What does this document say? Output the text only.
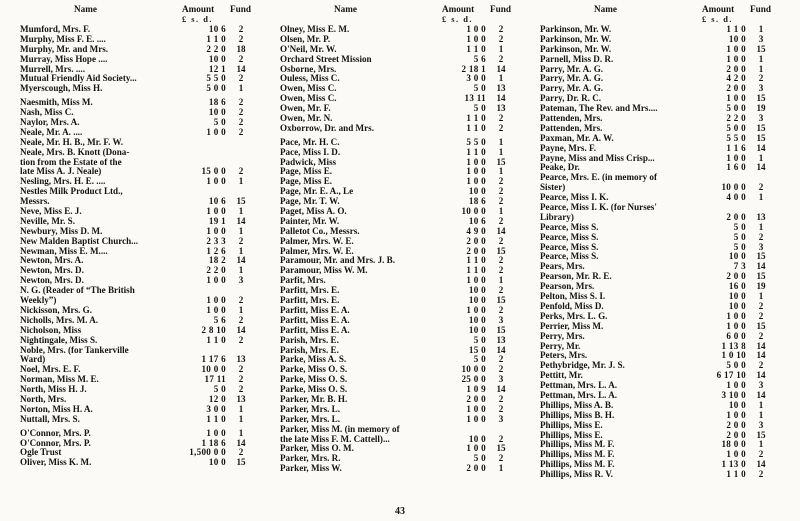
Name	Amount Fund
£ s. d.
Mumford, Mrs. F.	10 6	2
Murphy, Miss F. E. ....	1 1 0	2
Murphy, Mr. and Mrs.	2 2 0	18
Murray, Miss Hope ....	10 0	2
Murrell, Mrs. ....	12 1	14
Mutual Friendly Aid Society...	5 5 0	2
Myerscough, Miss H.	5 0 0	1
Naesmith, Miss M.	18 6	2
Nash, Miss C.	10 0	2
Naylor, Mrs. A.	5 0	2
Neale, Mr. A. ....	1 0 0	2
Neale, Mr. H. B., Mr. F. W.
Neale, Mrs. B. Knott (Dona-
tion from the Estate of the
late Miss A. J. Neale)	15 0 0	2
Nesling, Mrs. H. E. ....	1 0 0	1
Nestles Milk Product Ltd.,
Messrs.	10 6	15
Neve, Miss E. J.	1 0 0	1
Neville, Mr. S.	19 1	14
Newbury, Miss D. M.	1 0 0	1
New Malden Baptist Church...	2 3 3	2
Newman, Miss E. M....	1 2 6	1
Newton, Mrs. A.	18 2	14
Newton, Mrs. D.	2 2 0	1
Newton, Mrs. D.	1 0 0	3
N. G. (Reader of “The British
Weekly”)	1 0 0	2
Nickisson, Mrs. G.	1 0 0	1
Nicholls, Mrs. M. A.	5 6	2
Nicholson, Miss	2 8 10	14
Nightingale, Miss S.	1 1 0	2
Noble, Mrs. (for Tankerville
Ward)	1 17 6	13
Noel, Mrs. E. F.	10 0 0	2
Norman, Miss M. E.	17 11	2
North, Miss H. J.	5 0	2
North, Mrs.	12 0	13
Norton, Miss H. A.	3 0 0	1
Nuttall, Mrs. S.	1 1 0	1
O'Connor, Mrs. P.	1 0 0	1
O'Connor, Mrs. P.	1 18 6	14
Ogle Trust	1,500 0 0	2
Oliver, Miss K. M.	10 0	15
Name	Amount Fund
£ s. d.
Olney, Miss E. M.	1 0 0	2
Olsen, Mr. P.	1 0 0	2
O'Neil, Mr. W.	1 1 0	1
Orchard Street Mission	5 6	2
Osborne, Mrs.	2 18 1	14
Ouless, Miss C.	3 0 0	1
Owen, Miss C.	5 0	13
Owen, Miss C.	13 11	14
Owen, Mr. F.	5 0	13
Owen, Mr. N.	1 1 0	2
Oxborrow, Dr. and Mrs.	1 1 0	2
Pace, Mr. H. C.	5 5 0	1
Pace, Miss I. D.	1 1 0	1
Padwick, Miss	1 0 0	15
Page, Miss E.	1 0 0	1
Page, Miss E.	1 0 0	2
Page, Mr. E. A., Le	10 0	2
Page, Mr. T. W.	18 6	2
Paget, Miss A. O.	10 0 0	1
Painter, Mr. W.	10 6	2
Palletot Co., Messrs.	4 9 0	14
Palmer, Mrs. W. E.	2 0 0	2
Palmer, Mrs. W. E.	2 0 0	15
Paramour, Mr. and Mrs. J. B.	1 1 0	2
Paramour, Miss W. M.	1 1 0	2
Parfit, Mrs.	1 0 0	1
Parfitt, Mrs. E.	10 0	2
Parfitt, Mrs. E.	10 0	15
Parfitt, Miss E. A.	1 0 0	2
Parfitt, Miss E. A.	10 0	3
Parfitt, Miss E. A.	10 0	15
Parish, Mrs. E.	5 0	13
Parish, Mrs. E.	15 0	14
Parke, Miss A. S.	5 0	2
Parke, Miss O. S.	10 0 0	2
Parke, Miss O. S.	25 0 0	3
Parke, Miss O. S.	1 0 9	14
Parker, Mr. B. H.	2 0 0	2
Parker, Mrs. L.	1 0 0	2
Parker, Mrs. L.	1 0 0	3
Parker, Miss M. (in memory of
the late Miss F. M. Cattell)...	10 0	2
Parker, Miss O. M.	1 0 0	15
Parker, Mrs. R.	5 0	2
Parker, Miss W.	2 0 0	1
Name	Amount Fund
£ s. d.
Parkinson, Mr. W.	1 1 0	1
Parkinson, Mr. W.	10 0	3
Parkinson, Mr. W.	1 0 0	15
Parnell, Miss D. R.	1 0 0	1
Parry, Mr. A. G.	2 0 0	1
Parry, Mr. A. G.	4 2 0	2
Parry, Mr. A. G.	2 0 0	3
Parry, Dr. R. C.	1 0 0	15
Pateman, The Rev. and Mrs....	5 0 0	19
Pattenden, Mrs.	2 2 0	3
Pattenden, Mrs.	5 0 0	15
Paxman, Mr. A. W.	5 5 0	15
Payne, Mrs. F.	1 1 6	14
Payne, Miss and Miss Crisp...	1 0 0	1
Peake, Dr.	1 6 0	14
Pearce, Mrs. E. (in memory of
Sister)	10 0 0	2
Pearce, Miss I. K.	4 0 0	1
Pearce, Miss I. K. (for Nurses'
Library)	2 0 0	13
Pearce, Miss S.	5 0	1
Pearce, Miss S.	5 0	2
Pearce, Miss S.	5 0	3
Pearce, Miss S.	10 0	15
Pears, Mrs.	7 3	14
Pearson, Mr. R. E.	2 0 0	15
Pearson, Mrs.	16 0	19
Pelton, Miss S. I.	10 0	1
Penfold, Miss D.	10 0	2
Perks, Mrs. L. G.	1 0 0	2
Perrier, Miss M.	1 0 0	15
Perry, Mrs.	6 0 0	2
Perry, Mr.	1 13 8	14
Peters, Mrs.	1 0 10	14
Pethybridge, Mr. J. S.	5 0 0	2
Pettitt, Mr.	6 17 10	14
Pettman, Mrs. L. A.	1 0 0	3
Pettman, Mrs. L. A.	3 10 0	14
Phillips, Miss A. B.	10 0	1
Phillips, Miss B. H.	1 0 0	1
Phillips, Miss E.	2 0 0	3
Phillips, Miss E.	2 0 0	15
Phillips, Miss M. F.	18 0 0	1
Phillips, Miss M. F.	1 0 0	2
Phillips, Miss M. F.	1 13 0	14
Phillips, Miss R. V.	1 1 0	2
43
